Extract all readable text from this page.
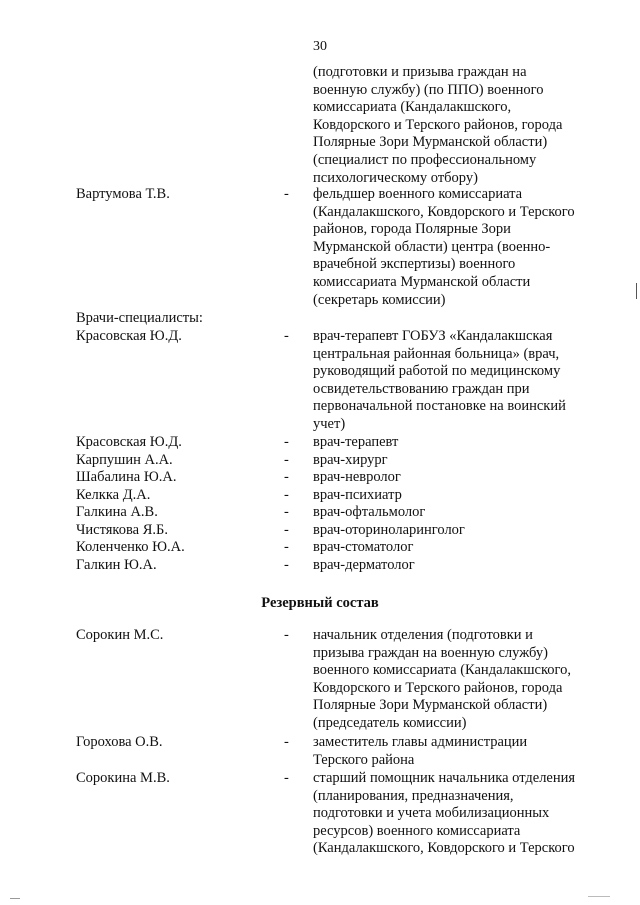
30
(подготовки и призыва граждан на
военную службу) (по ППО) военного
комиссариата (Кандалакшского,
Ковдорского и Терского районов, города
Полярные Зори Мурманской области)
(специалист по профессиональному
психологическому отбору)
Вартумова Т.В.	- фельдшер военного комиссариата
(Кандалакшского, Ковдорского и Терского
районов, города Полярные Зори
Мурманской области) центра (военно-
врачебной экспертизы) военного
комиссариата Мурманской области
(секретарь комиссии)
Врачи-специалисты:
Красовская Ю.Д.	- врач-терапевт ГОБУЗ «Кандалакшская
центральная районная больница» (врач,
руководящий работой по медицинскому
освидетельствованию граждан при
первоначальной постановке на воинский
учет)
Красовская Ю.Д.	- врач-терапевт
Карпушин А.А.	- врач-хирург
Шабалина Ю.А.	- врач-невролог
Келкка Д.А.	- врач-психиатр
Галкина А.В.	- врач-офтальмолог
Чистякова Я.Б.	- врач-оториноларинголог
Коленченко Ю.А.	- врач-стоматолог
Галкин Ю.А.	- врач-дерматолог
Резервный состав
Сорокин М.С.	- начальник отделения (подготовки и
призыва граждан на военную службу)
военного комиссариата (Кандалакшского,
Ковдорского и Терского районов, города
Полярные Зори Мурманской области)
(председатель комиссии)
Горохова О.В.	- заместитель главы администрации
Терского района
Сорокина М.В.	- старший помощник начальника отделения
(планирования, предназначения,
подготовки и учета мобилизационных
ресурсов) военного комиссариата
(Кандалакшского, Ковдорского и Терского
